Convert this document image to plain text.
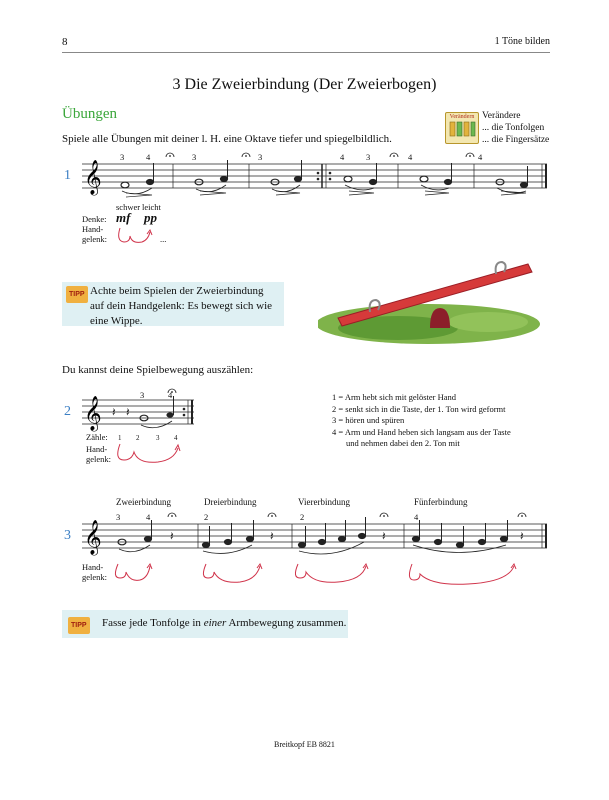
8	1 Töne bilden
3 Die Zweierbindung (Der Zweierbogen)
Übungen
Spiele alle Übungen mit deiner l. H. eine Oktave tiefer und spiegelbildlich.
Verändern Verändere
... die Tonfolgen
... die Fingersätze
1 𝄞
3	4	3	3	4	3	4	4
schwer leicht
Denke: mf pp
Hand-
gelenk:	...
TIPP Achte beim Spielen der Zweierbindung auf dein Handgelenk: Es bewegt sich wie eine Wippe.
Du kannst deine Spielbewegung auszählen:
2 𝄞 𝄽 𝄽
3	4
Zähle: 1 2 3 4
Hand-
gelenk:
1 = Arm hebt sich mit gelöster Hand
2 = senkt sich in die Taste, der 1. Ton wird geformt
3 = hören und spüren
4 = Arm und Hand heben sich langsam aus der Taste
und nehmen dabei den 2. Ton mit
Zweierbindung	Dreierbindung	Viererbindung	Fünferbindung
3 𝄞	𝄽	𝄽	𝄽	𝄽
3	4	2	2	4
Hand-
gelenk:
TIPP Fasse jede Tonfolge in einer Armbewegung zusammen.
Breitkopf EB 8821
